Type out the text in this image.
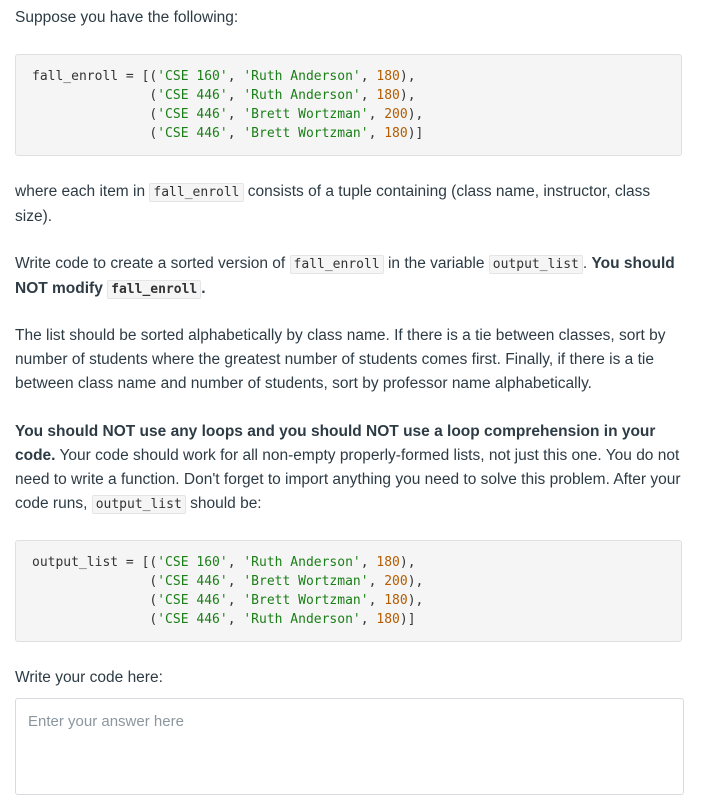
Suppose you have the following:

fall_enroll = [('CSE 160', 'Ruth Anderson', 180),
('CSE 446', 'Ruth Anderson', 180),
('CSE 446', 'Brett Wortzman', 200),
('CSE 446', 'Brett Wortzman', 180)]

where each item in fall_enroll consists of a tuple containing (class name, instructor, class size).

Write code to create a sorted version of fall_enroll in the variable output_list . You should NOT modify fall_enroll .

The list should be sorted alphabetically by class name. If there is a tie between classes, sort by number of students where the greatest number of students comes first. Finally, if there is a tie between class name and number of students, sort by professor name alphabetically.

You should NOT use any loops and you should NOT use a loop comprehension in your code. Your code should work for all non-empty properly-formed lists, not just this one. You do not need to write a function. Don't forget to import anything you need to solve this problem. After your code runs, output_list should be:

output_list = [('CSE 160', 'Ruth Anderson', 180),
('CSE 446', 'Brett Wortzman', 200),
('CSE 446', 'Brett Wortzman', 180),
('CSE 446', 'Ruth Anderson', 180)]

Write your code here:

Enter your answer here
